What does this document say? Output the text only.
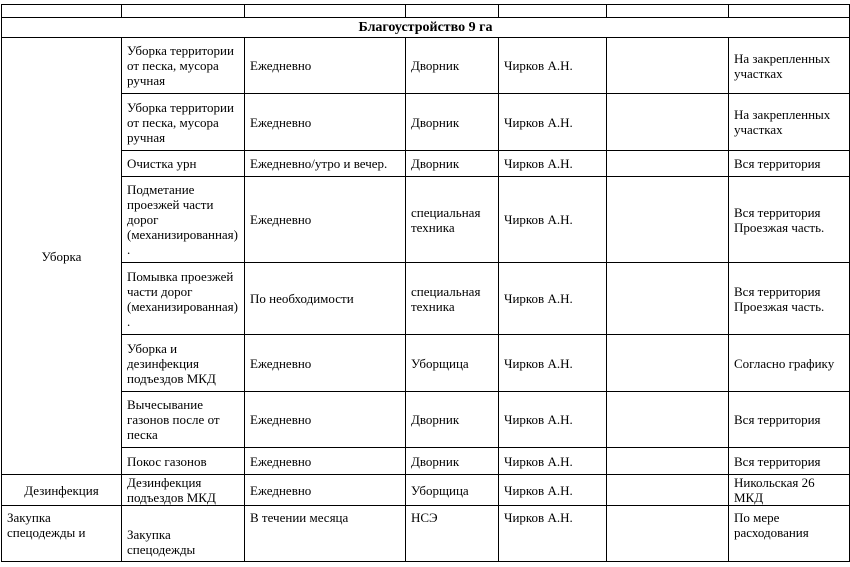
Благоустройство 9 га						
Уборка	Уборка территории от песка, мусора ручная	Ежедневно	Дворник	Чирков А.Н.		На закрепленных участках
	Уборка территории от песка, мусора ручная	Ежедневно	Дворник	Чирков А.Н.		На закрепленных участках
	Очистка урн	Ежедневно/утро и вечер.	Дворник	Чирков А.Н.		Вся территория
	Подметание проезжей части дорог (механизированная) .	Ежедневно	специальная техника	Чирков А.Н.		Вся территория Проезжая часть.
	Помывка проезжей части дорог (механизированная) .	По необходимости	специальная техника	Чирков А.Н.		Вся территория Проезжая часть.
	Уборка и дезинфекция подъездов МКД	Ежедневно	Уборщица	Чирков А.Н.		Согласно графику
	Вычесывание газонов после от песка	Ежедневно	Дворник	Чирков А.Н.		Вся территория
	Покос газонов	Ежедневно	Дворник	Чирков А.Н.		Вся территория
Дезинфекция	Дезинфекция подъездов МКД	Ежедневно	Уборщица	Чирков А.Н.		Никольская 26 МКД
Закупка спецодежды и	Закупка спецодежды	В течении месяца	НСЭ	Чирков А.Н.		По мере расходования
